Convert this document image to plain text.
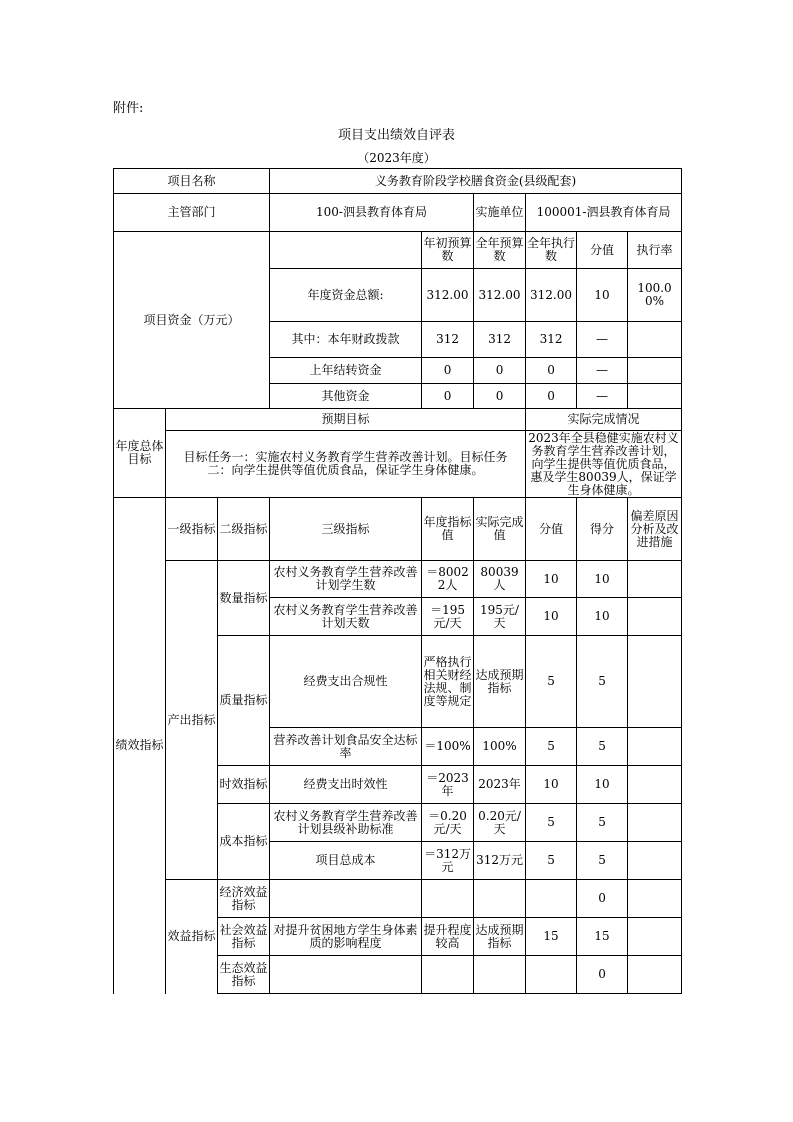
附件:
项目支出绩效自评表
（2023年度）
项目名称			义务教育阶段学校膳食资金(县级配套)						
主管部门			100-泗县教育体育局		实施单位	100001-泗县教育体育局			
项目资金（万元）				年初预算数	全年预算数	全年执行数	分值	执行率	
			年度资金总额:	312.00	312.00	312.00	10	100.00%	
			其中：本年财政拨款	312	312	312	—		
			上年结转资金	0	0	0	—		
			其他资金	0	0	0	—		
年度总体目标	预期目标					实际完成情况			
	目标任务一：实施农村义务教育学生营养改善计划。目标任务二：向学生提供等值优质食品，保证学生身体健康。					2023年全县稳健实施农村义务教育学生营养改善计划，向学生提供等值优质食品，惠及学生80039人，保证学生身体健康。			
绩效指标	一级指标	二级指标	三级指标	年度指标值	实际完成值	分值	得分	偏差原因分析及改进措施	
	产出指标	数量指标	农村义务教育学生营养改善计划学生数	＝80022人	80039人	10	10		
			农村义务教育学生营养改善计划天数	＝195元/天	195元/天	10	10		
		质量指标	经费支出合规性	严格执行相关财经法规、制度等规定	达成预期指标	5	5		
			营养改善计划食品安全达标率	＝100%	100%	5	5		
		时效指标	经费支出时效性	＝2023年	2023年	10	10		
		成本指标	农村义务教育学生营养改善计划县级补助标准	＝0.20元/天	0.20元/天	5	5		
			项目总成本	＝312万元	312万元	5	5		
	效益指标	经济效益指标					0		
		社会效益指标	对提升贫困地方学生身体素质的影响程度	提升程度较高	达成预期指标	15	15		
		生态效益指标					0		
